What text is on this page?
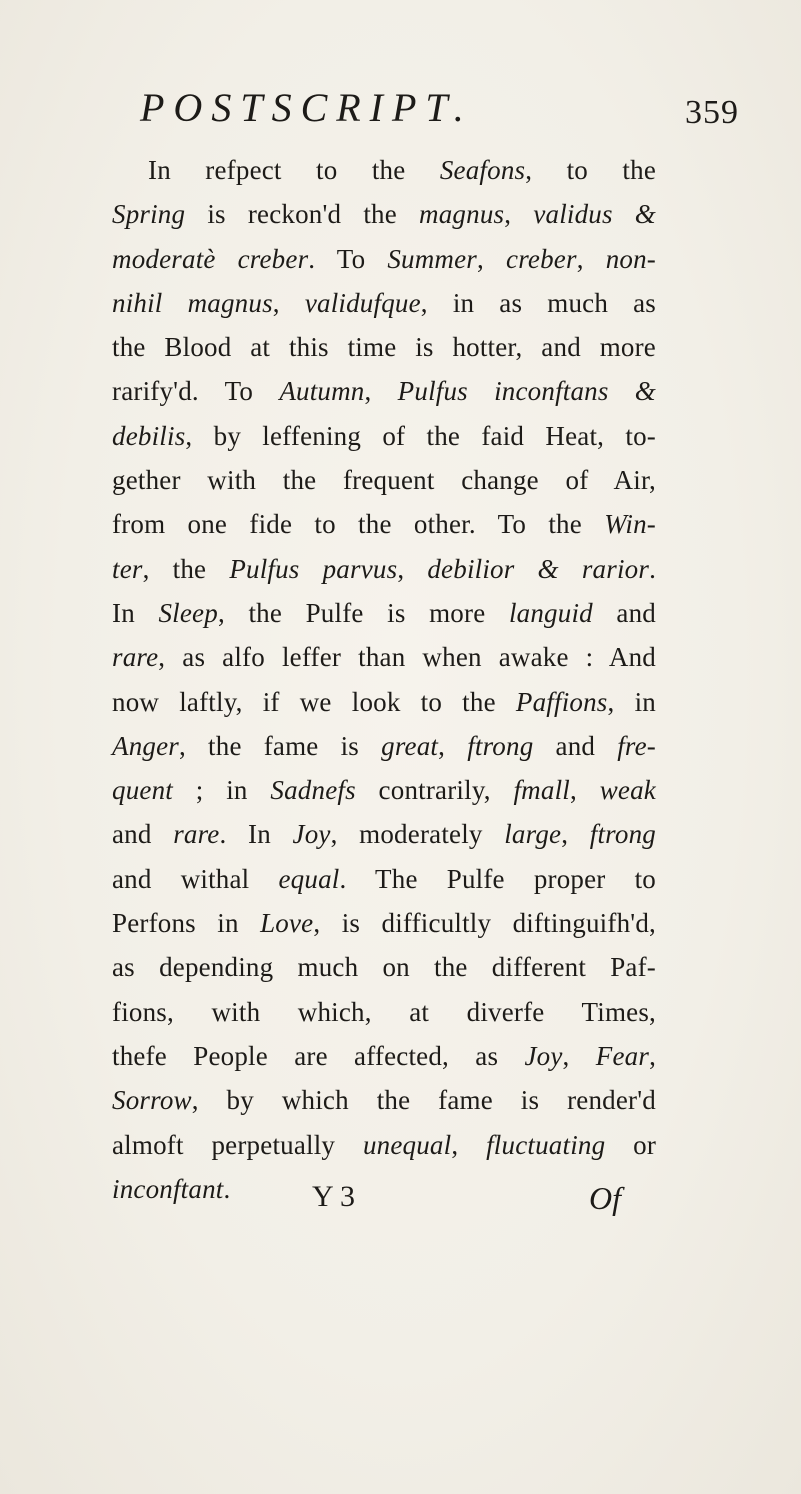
POSTSCRIPT.	359
In refpect to the Seafons, to the
Spring is reckon'd the magnus, validus &
moderatè creber. To Summer, creber, non-
nihil magnus, validufque, in as much as
the Blood at this time is hotter, and more
rarify'd. To Autumn, Pulfus inconftans &
debilis, by leffening of the faid Heat, to-
gether with the frequent change of Air,
from one fide to the other. To the Win-
ter, the Pulfus parvus, debilior & rarior.
In Sleep, the Pulfe is more languid and
rare, as alfo leffer than when awake : And
now laftly, if we look to the Paffions, in
Anger, the fame is great, ftrong and fre-
quent ; in Sadnefs contrarily, fmall, weak
and rare. In Joy, moderately large, ftrong
and withal equal. The Pulfe proper to
Perfons in Love, is difficultly diftinguifh'd,
as depending much on the different Paf-
fions, with which, at diverfe Times,
thefe People are affected, as Joy, Fear,
Sorrow, by which the fame is render'd
almoft perpetually unequal, fluctuating or
inconftant.	Y 3	Of
